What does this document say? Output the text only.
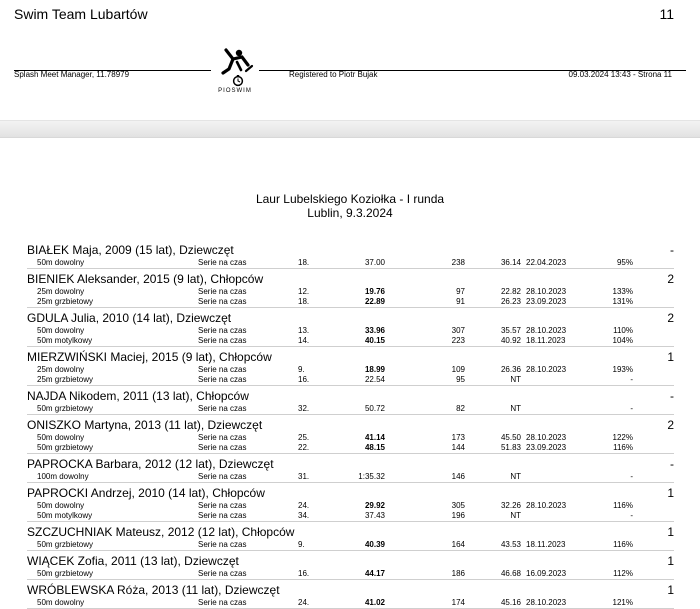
Swim Team Lubartów	11
Splash Meet Manager, 11.78979	Registered to Piotr Bujak	09.03.2024 13:43 - Strona 11
PIOSWIM
Laur Lubelskiego Koziołka - I runda
Lublin, 9.3.2024
BIAŁEK Maja, 2009 (15 lat), Dziewczęt	-
50m dowolny	Serie na czas	18.	37.00	238	36.14 22.04.2023	95%
BIENIEK Aleksander, 2015 (9 lat), Chłopców	2
25m dowolny	Serie na czas	12.	19.76	97	22.82 28.10.2023	133%
25m grzbietowy	Serie na czas	18.	22.89	91	26.23 23.09.2023	131%
GDULA Julia, 2010 (14 lat), Dziewczęt	2
50m dowolny	Serie na czas	13.	33.96	307	35.57 28.10.2023	110%
50m motylkowy	Serie na czas	14.	40.15	223	40.92 18.11.2023	104%
MIERZWIŃSKI Maciej, 2015 (9 lat), Chłopców	1
25m dowolny	Serie na czas	9.	18.99	109	26.36 28.10.2023	193%
25m grzbietowy	Serie na czas	16.	22.54	95	NT	-
NAJDA Nikodem, 2011 (13 lat), Chłopców	-
50m grzbietowy	Serie na czas	32.	50.72	82	NT	-
ONISZKO Martyna, 2013 (11 lat), Dziewczęt	2
50m dowolny	Serie na czas	25.	41.14	173	45.50 28.10.2023	122%
50m grzbietowy	Serie na czas	22.	48.15	144	51.83 23.09.2023	116%
PAPROCKA Barbara, 2012 (12 lat), Dziewczęt	-
100m dowolny	Serie na czas	31.	1:35.32	146	NT	-
PAPROCKI Andrzej, 2010 (14 lat), Chłopców	1
50m dowolny	Serie na czas	24.	29.92	305	32.26 28.10.2023	116%
50m motylkowy	Serie na czas	34.	37.43	196	NT	-
SZCZUCHNIAK Mateusz, 2012 (12 lat), Chłopców	1
50m grzbietowy	Serie na czas	9.	40.39	164	43.53 18.11.2023	116%
WIĄCEK Zofia, 2011 (13 lat), Dziewczęt	1
50m grzbietowy	Serie na czas	16.	44.17	186	46.68 16.09.2023	112%
WRÓBLEWSKA Róża, 2013 (11 lat), Dziewczęt	1
50m dowolny	Serie na czas	24.	41.02	174	45.16 28.10.2023	121%
